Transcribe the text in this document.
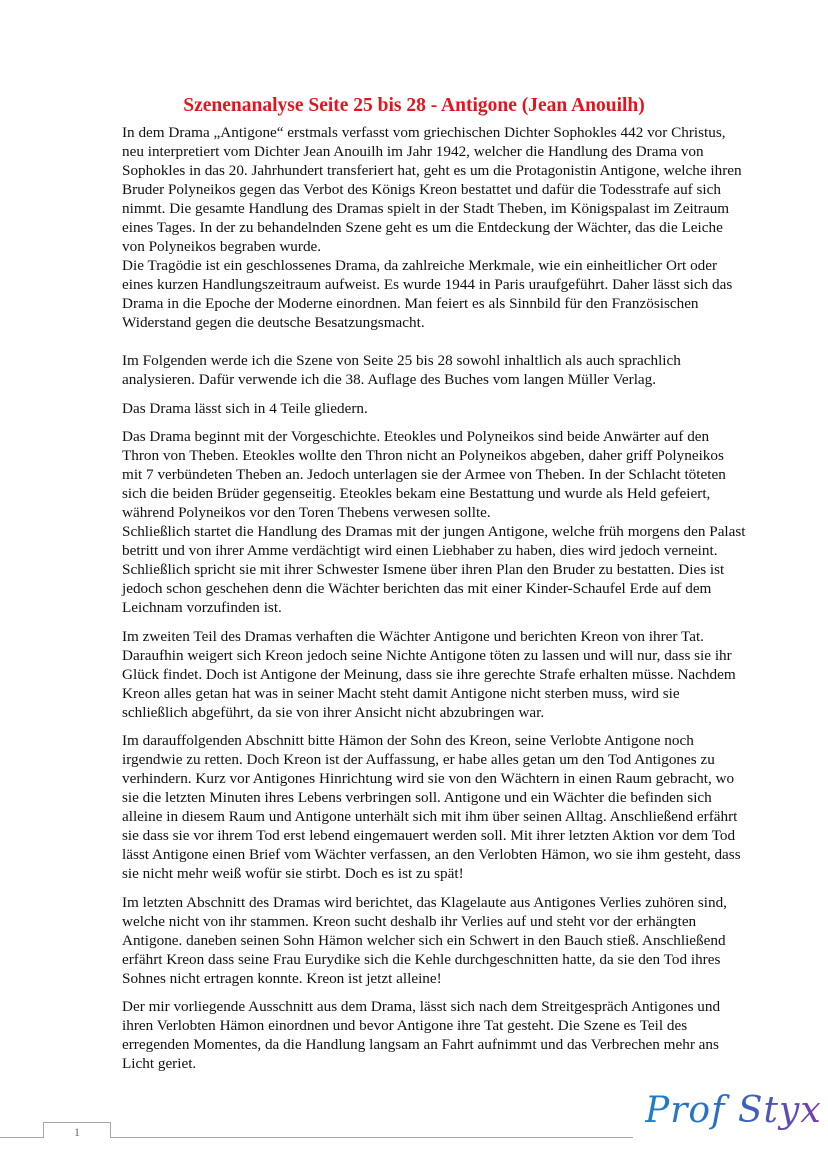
Szenenanalyse Seite 25 bis 28 - Antigone (Jean Anouilh)

In dem Drama „Antigone“ erstmals verfasst vom griechischen Dichter Sophokles 442 vor Christus,
neu interpretiert vom Dichter Jean Anouilh im Jahr 1942, welcher die Handlung des Drama von
Sophokles in das 20. Jahrhundert transferiert hat, geht es um die Protagonistin Antigone, welche ihren
Bruder Polyneikos gegen das Verbot des Königs Kreon bestattet und dafür die Todesstrafe auf sich
nimmt. Die gesamte Handlung des Dramas spielt in der Stadt Theben, im Königspalast im Zeitraum
eines Tages. In der zu behandelnden Szene geht es um die Entdeckung der Wächter, das die Leiche
von Polyneikos begraben wurde.
Die Tragödie ist ein geschlossenes Drama, da zahlreiche Merkmale, wie ein einheitlicher Ort oder
eines kurzen Handlungszeitraum aufweist. Es wurde 1944 in Paris uraufgeführt. Daher lässt sich das
Drama in die Epoche der Moderne einordnen. Man feiert es als Sinnbild für den Französischen
Widerstand gegen die deutsche Besatzungsmacht.

Im Folgenden werde ich die Szene von Seite 25 bis 28 sowohl inhaltlich als auch sprachlich
analysieren. Dafür verwende ich die 38. Auflage des Buches vom langen Müller Verlag.

Das Drama lässt sich in 4 Teile gliedern.

Das Drama beginnt mit der Vorgeschichte. Eteokles und Polyneikos sind beide Anwärter auf den
Thron von Theben. Eteokles wollte den Thron nicht an Polyneikos abgeben, daher griff Polyneikos
mit 7 verbündeten Theben an. Jedoch unterlagen sie der Armee von Theben. In der Schlacht töteten
sich die beiden Brüder gegenseitig. Eteokles bekam eine Bestattung und wurde als Held gefeiert,
während Polyneikos vor den Toren Thebens verwesen sollte.
Schließlich startet die Handlung des Dramas mit der jungen Antigone, welche früh morgens den Palast
betritt und von ihrer Amme verdächtigt wird einen Liebhaber zu haben, dies wird jedoch verneint.
Schließlich spricht sie mit ihrer Schwester Ismene über ihren Plan den Bruder zu bestatten. Dies ist
jedoch schon geschehen denn die Wächter berichten das mit einer Kinder-Schaufel Erde auf dem
Leichnam vorzufinden ist.

Im zweiten Teil des Dramas verhaften die Wächter Antigone und berichten Kreon von ihrer Tat.
Daraufhin weigert sich Kreon jedoch seine Nichte Antigone töten zu lassen und will nur, dass sie ihr
Glück findet. Doch ist Antigone der Meinung, dass sie ihre gerechte Strafe erhalten müsse. Nachdem
Kreon alles getan hat was in seiner Macht steht damit Antigone nicht sterben muss, wird sie
schließlich abgeführt, da sie von ihrer Ansicht nicht abzubringen war.

Im darauffolgenden Abschnitt bitte Hämon der Sohn des Kreon, seine Verlobte Antigone noch
irgendwie zu retten. Doch Kreon ist der Auffassung, er habe alles getan um den Tod Antigones zu
verhindern. Kurz vor Antigones Hinrichtung wird sie von den Wächtern in einen Raum gebracht, wo
sie die letzten Minuten ihres Lebens verbringen soll. Antigone und ein Wächter die befinden sich
alleine in diesem Raum und Antigone unterhält sich mit ihm über seinen Alltag. Anschließend erfährt
sie dass sie vor ihrem Tod erst lebend eingemauert werden soll. Mit ihrer letzten Aktion vor dem Tod
lässt Antigone einen Brief vom Wächter verfassen, an den Verlobten Hämon, wo sie ihm gesteht, dass
sie nicht mehr weiß wofür sie stirbt. Doch es ist zu spät!

Im letzten Abschnitt des Dramas wird berichtet, das Klagelaute aus Antigones Verlies zuhören sind,
welche nicht von ihr stammen. Kreon sucht deshalb ihr Verlies auf und steht vor der erhängten
Antigone. daneben seinen Sohn Hämon welcher sich ein Schwert in den Bauch stieß. Anschließend
erfährt Kreon dass seine Frau Eurydike sich die Kehle durchgeschnitten hatte, da sie den Tod ihres
Sohnes nicht ertragen konnte. Kreon ist jetzt alleine!

Der mir vorliegende Ausschnitt aus dem Drama, lässt sich nach dem Streitgespräch Antigones und
ihren Verlobten Hämon einordnen und bevor Antigone ihre Tat gesteht. Die Szene es Teil des
erregenden Momentes, da die Handlung langsam an Fahrt aufnimmt und das Verbrechen mehr ans
Licht geriet.

1
Prof Styx
